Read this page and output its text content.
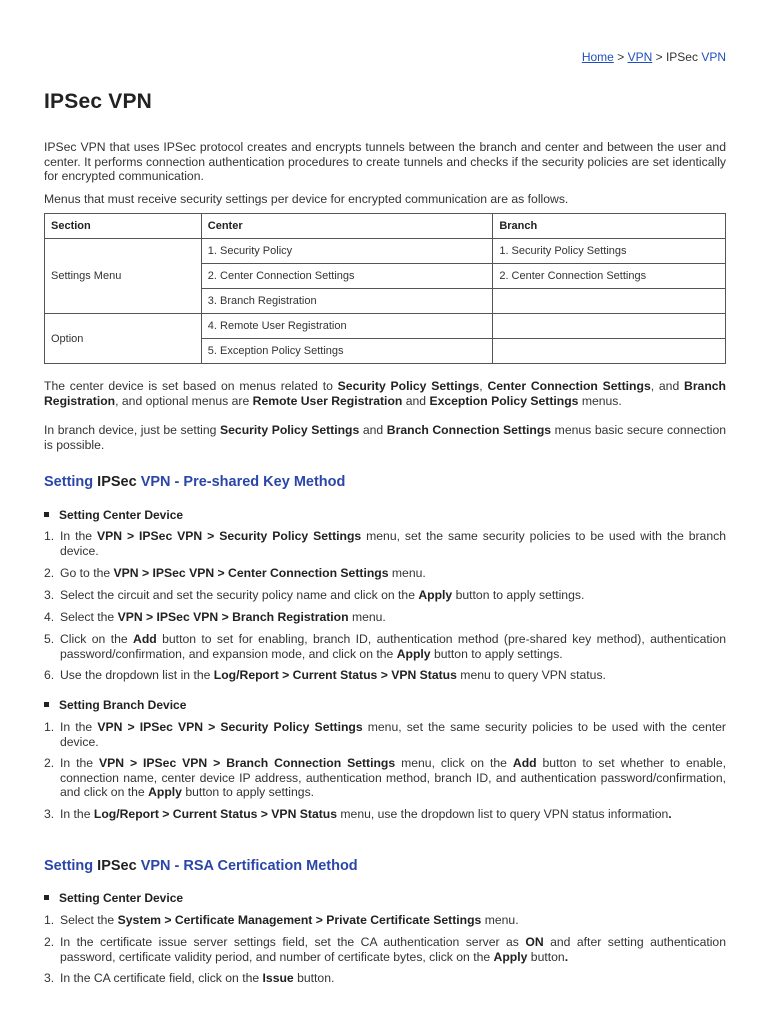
Home > VPN > IPSec VPN
IPSec VPN

IPSec VPN that uses IPSec protocol creates and encrypts tunnels between the branch and center and between the user and center. It performs connection authentication procedures to create tunnels and checks if the security policies are set identically for encrypted communication.

Menus that must receive security settings per device for encrypted communication are as follows.

Section	Center	Branch
Settings Menu	1. Security Policy	1. Security Policy Settings
	2. Center Connection Settings	2. Center Connection Settings
	3. Branch Registration	
Option	4. Remote User Registration	
	5. Exception Policy Settings	

The center device is set based on menus related to Security Policy Settings, Center Connection Settings, and Branch Registration, and optional menus are Remote User Registration and Exception Policy Settings menus.

In branch device, just be setting Security Policy Settings and Branch Connection Settings menus basic secure connection is possible.

Setting IPSec VPN - Pre-shared Key Method
Setting Center Device
1. In the VPN > IPSec VPN > Security Policy Settings menu, set the same security policies to be used with the branch device.
2. Go to the VPN > IPSec VPN > Center Connection Settings menu.
3. Select the circuit and set the security policy name and click on the Apply button to apply settings.
4. Select the VPN > IPSec VPN > Branch Registration menu.
5. Click on the Add button to set for enabling, branch ID, authentication method (pre-shared key method), authentication password/confirmation, and expansion mode, and click on the Apply button to apply settings.
6. Use the dropdown list in the Log/Report > Current Status > VPN Status menu to query VPN status.
Setting Branch Device
1. In the VPN > IPSec VPN > Security Policy Settings menu, set the same security policies to be used with the center device.
2. In the VPN > IPSec VPN > Branch Connection Settings menu, click on the Add button to set whether to enable, connection name, center device IP address, authentication method, branch ID, and authentication password/confirmation, and click on the Apply button to apply settings.
3. In the Log/Report > Current Status > VPN Status menu, use the dropdown list to query VPN status information.
Setting IPSec VPN - RSA Certification Method
Setting Center Device
1. Select the System > Certificate Management > Private Certificate Settings menu.
2. In the certificate issue server settings field, set the CA authentication server as ON and after setting authentication password, certificate validity period, and number of certificate bytes, click on the Apply button.
3. In the CA certificate field, click on the Issue button.
